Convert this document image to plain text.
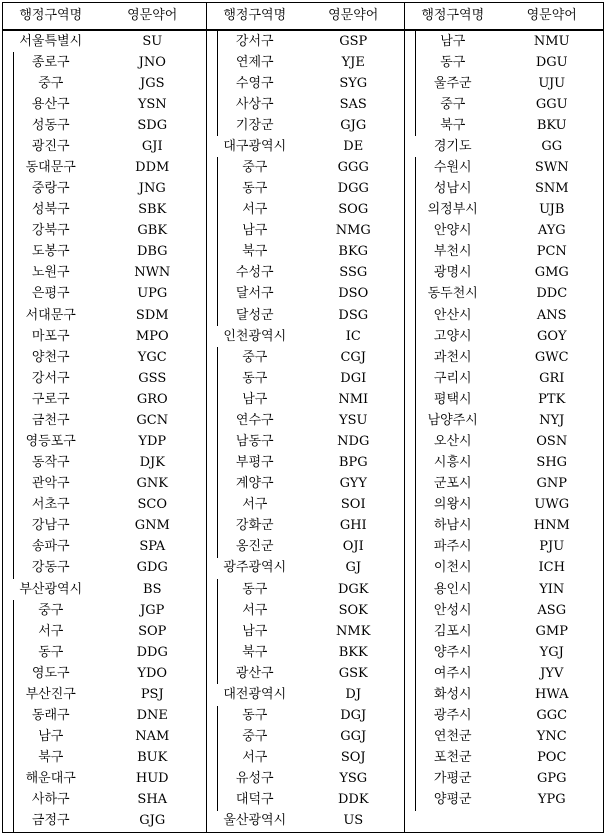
행정구역명	영문약어	행정구역명	영문약어	행정구역명	영문약어
서울특별시	SU	강서구	GSP	남구	NMU
종로구	JNO	연제구	YJE	동구	DGU
중구	JGS	수영구	SYG	울주군	UJU
용산구	YSN	사상구	SAS	중구	GGU
성동구	SDG	기장군	GJG	북구	BKU
광진구	GJI	대구광역시	DE	경기도	GG
동대문구	DDM	중구	GGG	수원시	SWN
중랑구	JNG	동구	DGG	성남시	SNM
성북구	SBK	서구	SOG	의정부시	UJB
강북구	GBK	남구	NMG	안양시	AYG
도봉구	DBG	북구	BKG	부천시	PCN
노원구	NWN	수성구	SSG	광명시	GMG
은평구	UPG	달서구	DSO	동두천시	DDC
서대문구	SDM	달성군	DSG	안산시	ANS
마포구	MPO	인천광역시	IC	고양시	GOY
양천구	YGC	중구	CGJ	과천시	GWC
강서구	GSS	동구	DGI	구리시	GRI
구로구	GRO	남구	NMI	평택시	PTK
금천구	GCN	연수구	YSU	남양주시	NYJ
영등포구	YDP	남동구	NDG	오산시	OSN
동작구	DJK	부평구	BPG	시흥시	SHG
관악구	GNK	계양구	GYY	군포시	GNP
서초구	SCO	서구	SOI	의왕시	UWG
강남구	GNM	강화군	GHI	하남시	HNM
송파구	SPA	옹진군	OJI	파주시	PJU
강동구	GDG	광주광역시	GJ	이천시	ICH
부산광역시	BS	동구	DGK	용인시	YIN
중구	JGP	서구	SOK	안성시	ASG
서구	SOP	남구	NMK	김포시	GMP
동구	DDG	북구	BKK	양주시	YGJ
영도구	YDO	광산구	GSK	여주시	JYV
부산진구	PSJ	대전광역시	DJ	화성시	HWA
동래구	DNE	동구	DGJ	광주시	GGC
남구	NAM	중구	GGJ	연천군	YNC
북구	BUK	서구	SOJ	포천군	POC
해운대구	HUD	유성구	YSG	가평군	GPG
사하구	SHA	대덕구	DDK	양평군	YPG
금정구	GJG	울산광역시	US		
